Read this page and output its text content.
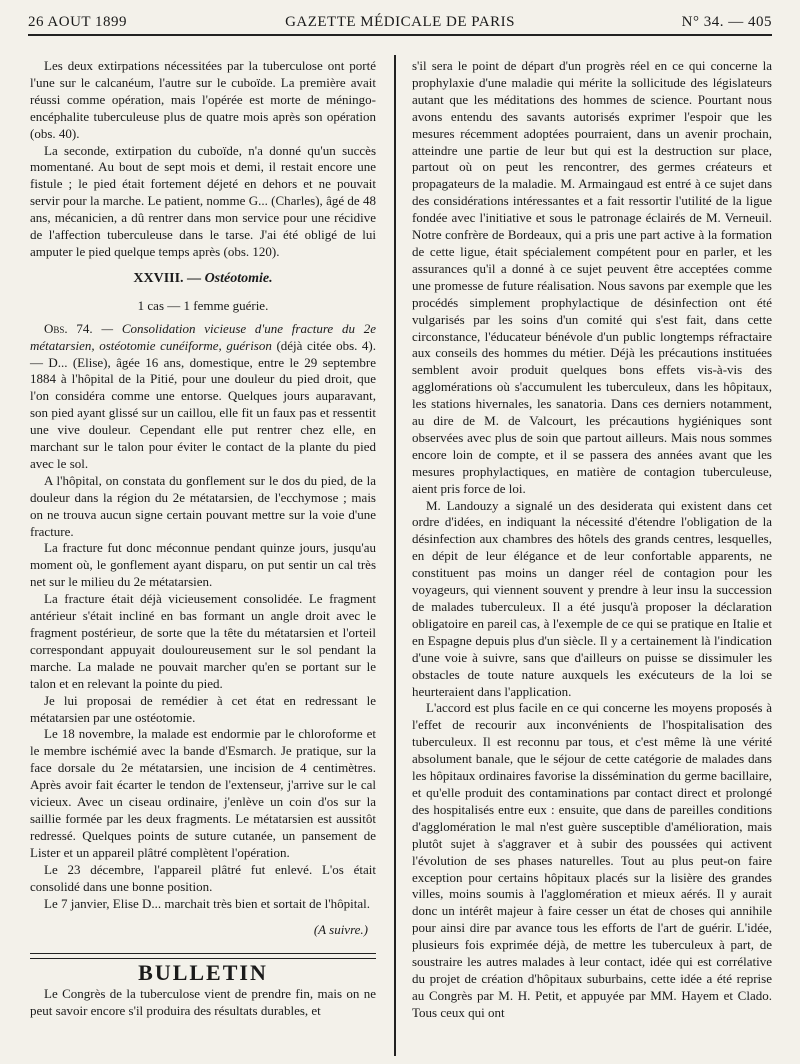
26 AOUT 1899	GAZETTE MÉDICALE DE PARIS	N° 34. — 405

Les deux extirpations nécessitées par la tuberculose ont porté l'une sur le calcanéum, l'autre sur le cuboïde. La première avait réussi comme opération, mais l'opérée est morte de méningo-encéphalite tuberculeuse plus de quatre mois après son opération (obs. 40).

La seconde, extirpation du cuboïde, n'a donné qu'un succès momentané. Au bout de sept mois et demi, il restait encore une fistule ; le pied était fortement déjeté en dehors et ne pouvait servir pour la marche. Le patient, nomme G... (Charles), âgé de 48 ans, mécanicien, a dû rentrer dans mon service pour une récidive de l'affection tuberculeuse dans le tarse. J'ai été obligé de lui amputer le pied quelque temps après (obs. 120).

XXVIII. — Ostéotomie.
1 cas — 1 femme guérie.

Obs. 74. — Consolidation vicieuse d'une fracture du 2e métatarsien, ostéotomie cunéiforme, guérison (déjà citée obs. 4). — D... (Elise), âgée 16 ans, domestique, entre le 29 septembre 1884 à l'hôpital de la Pitié, pour une douleur du pied droit, que l'on considéra comme une entorse. Quelques jours auparavant, son pied ayant glissé sur un caillou, elle fit un faux pas et ressentit une vive douleur. Cependant elle put rentrer chez elle, en marchant sur le talon pour éviter le contact de la plante du pied avec le sol.

A l'hôpital, on constata du gonflement sur le dos du pied, de la douleur dans la région du 2e métatarsien, de l'ecchymose ; mais on ne trouva aucun signe certain pouvant mettre sur la voie d'une fracture.

La fracture fut donc méconnue pendant quinze jours, jusqu'au moment où, le gonflement ayant disparu, on put sentir un cal très net sur le milieu du 2e métatarsien.

La fracture était déjà vicieusement consolidée. Le fragment antérieur s'était incliné en bas formant un angle droit avec le fragment postérieur, de sorte que la tête du métatarsien et l'orteil correspondant appuyait douloureusement sur le sol pendant la marche. La malade ne pouvait marcher qu'en se portant sur le talon et en relevant la pointe du pied.

Je lui proposai de remédier à cet état en redressant le métatarsien par une ostéotomie.

Le 18 novembre, la malade est endormie par le chloroforme et le membre ischémié avec la bande d'Esmarch. Je pratique, sur la face dorsale du 2e métatarsien, une incision de 4 centimètres. Après avoir fait écarter le tendon de l'extenseur, j'arrive sur le cal vicieux. Avec un ciseau ordinaire, j'enlève un coin d'os sur la saillie formée par les deux fragments. Le métatarsien est aussitôt redressé. Quelques points de suture cutanée, un pansement de Lister et un appareil plâtré complètent l'opération.

Le 23 décembre, l'appareil plâtré fut enlevé. L'os était consolidé dans une bonne position.

Le 7 janvier, Elise D... marchait très bien et sortait de l'hôpital.

(A suivre.)
BULLETIN

Le Congrès de la tuberculose vient de prendre fin, mais on ne peut savoir encore s'il produira des résultats durables, et

s'il sera le point de départ d'un progrès réel en ce qui concerne la prophylaxie d'une maladie qui mérite la sollicitude des législateurs autant que les méditations des hommes de science. Pourtant nous avons entendu des savants autorisés exprimer l'espoir que les mesures récemment adoptées pourraient, dans un avenir prochain, atteindre une partie de leur but qui est la destruction sur place, partout où on peut les rencontrer, des germes créateurs et propagateurs de la maladie. M. Armaingaud est entré à ce sujet dans des considérations intéressantes et a fait ressortir l'utilité de la ligue fondée avec l'initiative et sous le patronage éclairés de M. Verneuil. Notre confrère de Bordeaux, qui a pris une part active à la formation de cette ligue, était spécialement compétent pour en parler, et les assurances qu'il a donné à ce sujet peuvent être acceptées comme une promesse de future réalisation. Nous savons par exemple que les procédés simplement prophylactique de désinfection ont été vulgarisés par les soins d'un comité qui s'est fait, dans cette circonstance, l'éducateur bénévole d'un public longtemps réfractaire aux conseils des hommes du métier. Déjà les précautions instituées semblent avoir produit quelques bons effets vis-à-vis des agglomérations où s'accumulent les tuberculeux, dans les hôpitaux, les stations hivernales, les sanatoria. Dans ces derniers notamment, au dire de M. de Valcourt, les précautions hygiéniques sont observées avec plus de soin que partout ailleurs. Mais nous sommes encore loin de compte, et il se passera des années avant que les mesures prophylactiques, en matière de contagion tuberculeuse, aient pris force de loi.

M. Landouzy a signalé un des desiderata qui existent dans cet ordre d'idées, en indiquant la nécessité d'étendre l'obligation de la désinfection aux chambres des hôtels des grands centres, lesquelles, en dépit de leur élégance et de leur confortable apparents, ne constituent pas moins un danger réel de contagion pour les voyageurs, qui viennent souvent y prendre à leur insu la succession de malades tuberculeux. Il a été jusqu'à proposer la déclaration obligatoire en pareil cas, à l'exemple de ce qui se pratique en Italie et en Espagne depuis plus d'un siècle. Il y a certainement là l'indication d'une voie à suivre, sans que d'ailleurs on puisse se dissimuler les obstacles de toute nature auxquels les exécuteurs de la loi se heurteraient dans l'application.

L'accord est plus facile en ce qui concerne les moyens proposés à l'effet de recourir aux inconvénients de l'hospitalisation des tuberculeux. Il est reconnu par tous, et c'est même là une vérité absolument banale, que le séjour de cette catégorie de malades dans les hôpitaux ordinaires favorise la dissémination du germe bacillaire, et qu'elle produit des contaminations par contact direct et prolongé des hospitalisés entre eux : ensuite, que dans de pareilles conditions d'agglomération le mal n'est guère susceptible d'amélioration, mais plutôt sujet à s'aggraver et à subir des poussées qui activent l'évolution de ses phases naturelles. Tout au plus peut-on faire exception pour certains hôpitaux placés sur la lisière des grandes villes, moins soumis à l'agglomération et mieux aérés. Il y aurait donc un intérêt majeur à faire cesser un état de choses qui annihile pour ainsi dire par avance tous les efforts de l'art de guérir. L'idée, plusieurs fois exprimée déjà, de mettre les tuberculeux à part, de soustraire les autres malades à leur contact, idée qui est corrélative du projet de création d'hôpitaux suburbains, cette idée a été reprise au Congrès par M. H. Petit, et appuyée par MM. Hayem et Clado. Tous ceux qui ont
